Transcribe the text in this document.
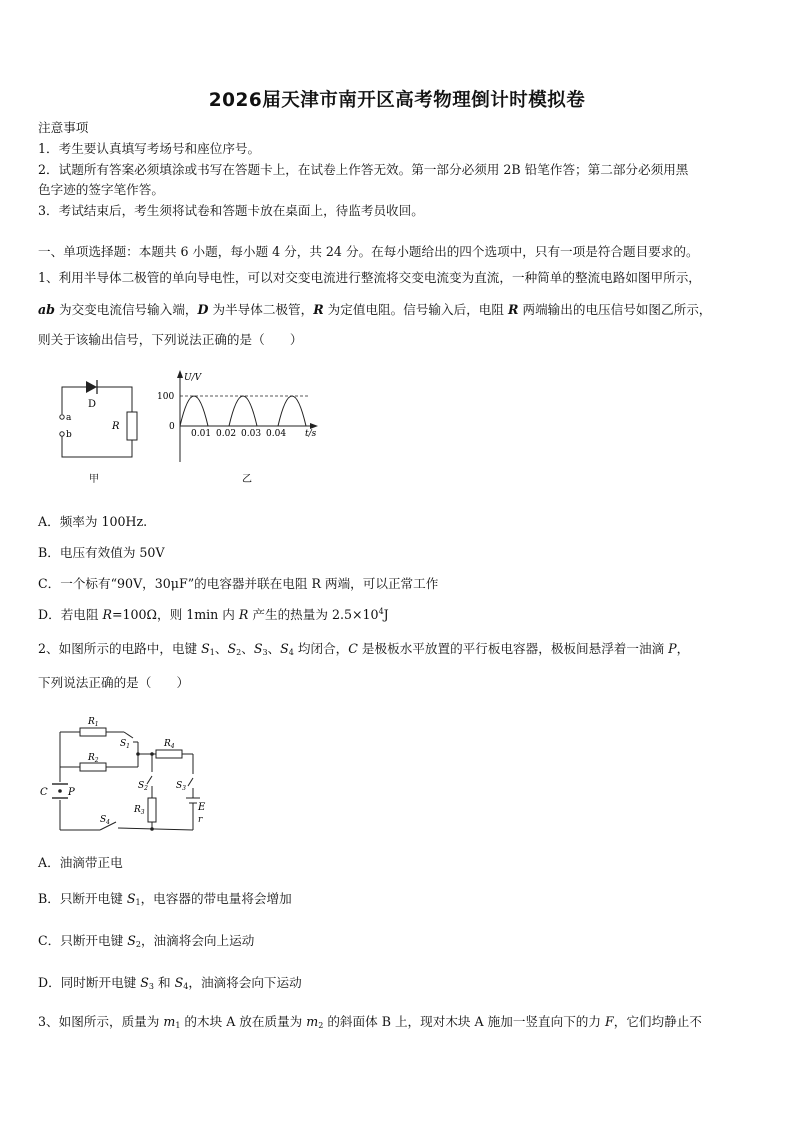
2026届天津市南开区高考物理倒计时模拟卷
注意事项
1．考生要认真填写考场号和座位序号。
2．试题所有答案必须填涂或书写在答题卡上，在试卷上作答无效。第一部分必须用 2B 铅笔作答；第二部分必须用黑
色字迹的签字笔作答。
3．考试结束后，考生须将试卷和答题卡放在桌面上，待监考员收回。
一、单项选择题：本题共 6 小题，每小题 4 分，共 24 分。在每小题给出的四个选项中，只有一项是符合题目要求的。
1、利用半导体二极管的单向导电性，可以对交变电流进行整流将交变电流变为直流，一种简单的整流电路如图甲所示，
ab 为交变电流信号输入端，D 为半导体二极管，R 为定值电阻。信号输入后，电阻 R 两端输出的电压信号如图乙所示，
则关于该输出信号，下列说法正确的是（　　）
D
a
b
R
甲
U/V
100
0
0.01 0.02 0.03 0.04 t/s
乙
A．频率为 100Hz.
B．电压有效值为 50V
C．一个标有“90V，30μF”的电容器并联在电阻 R 两端，可以正常工作
D．若电阻 R=100Ω，则 1min 内 R 产生的热量为 $2.5\times 10^4J$
2、如图所示的电路中，电键 $S_1$、$S_2$、$S_3$、$S_4$ 均闭合，C 是极板水平放置的平行板电容器，极板间悬浮着一油滴 P，
下列说法正确的是（　　）
$R_1$
$R_2$
$R_4$
$R_3$
$S_1$
$S_2$	$S_3$
$S_4$
C P
E
r
A．油滴带正电
B．只断开电键 $S_1$，电容器的带电量将会增加
C．只断开电键 $S_2$，油滴将会向上运动
D．同时断开电键 $S_3$ 和 $S_4$，油滴将会向下运动
3、如图所示，质量为 $m_1$ 的木块 A 放在质量为 $m_2$ 的斜面体 B 上，现对木块 A 施加一竖直向下的力 F，它们均静止不
